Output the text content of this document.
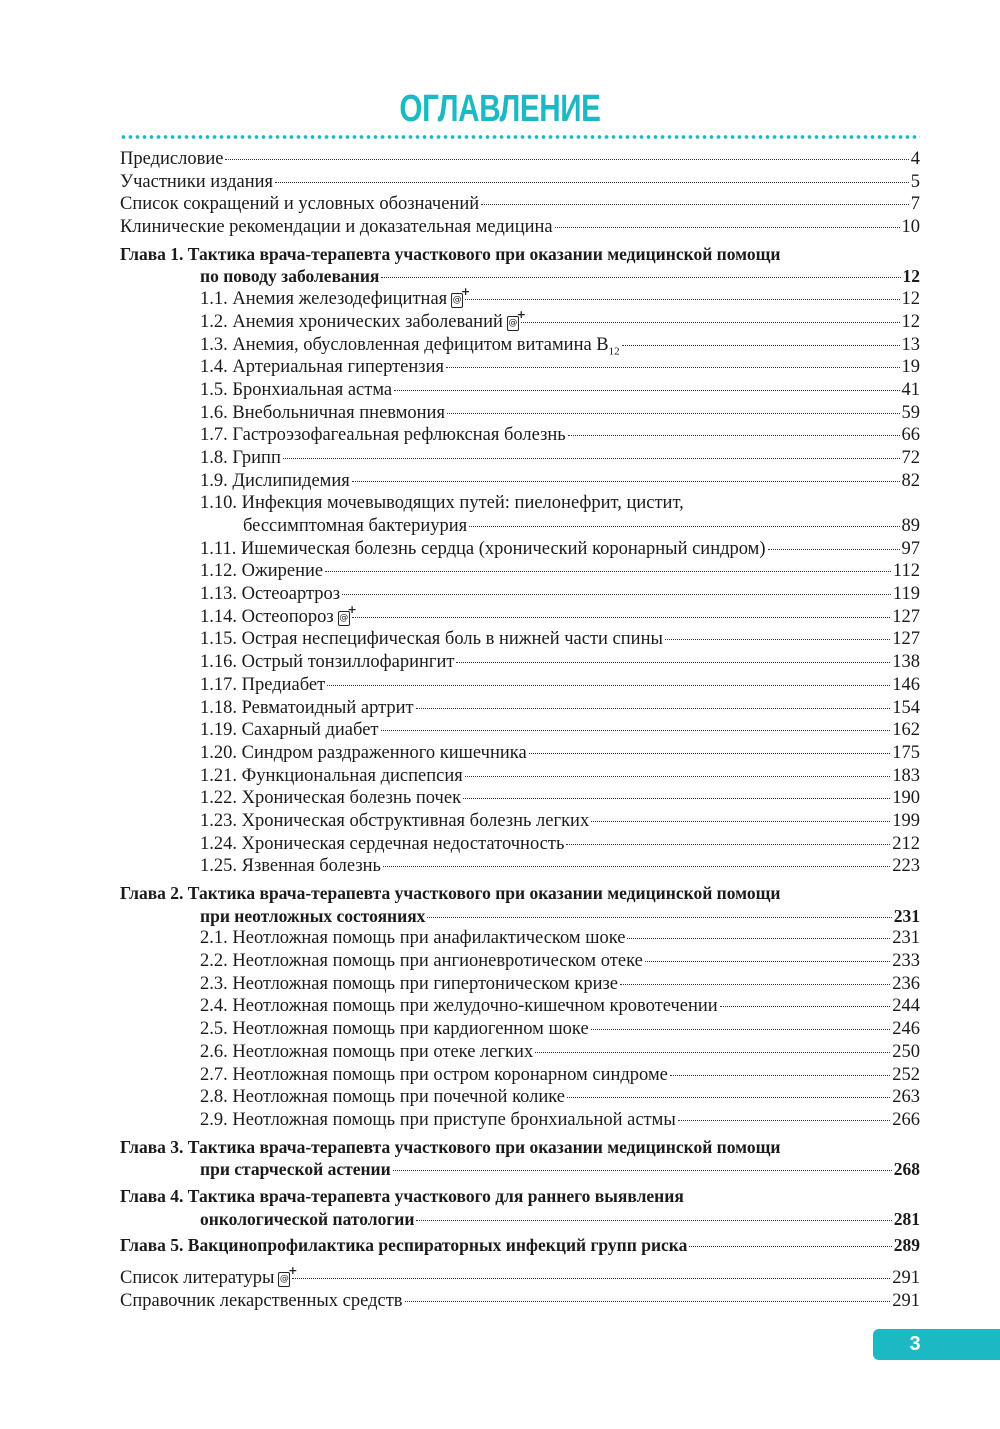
ОГЛАВЛЕНИЕ
Предисловие	4
Участники издания	5
Список сокращений и условных обозначений	7
Клинические рекомендации и доказательная медицина	10
Глава 1. Тактика врача-терапевта участкового при оказании медицинской помощи
по поводу заболевания	12
1.1. Анемия железодефицитная @ +	12
1.2. Анемия хронических заболеваний @ +	12
1.3. Анемия, обусловленная дефицитом витамина $B_{12}$	13
1.4. Артериальная гипертензия	19
1.5. Бронхиальная астма	41
1.6. Внебольничная пневмония	59
1.7. Гастроэзофагеальная рефлюксная болезнь	66
1.8. Грипп	72
1.9. Дислипидемия	82
1.10. Инфекция мочевыводящих путей: пиелонефрит, цистит,
бессимптомная бактериурия	89
1.11. Ишемическая болезнь сердца (хронический коронарный синдром)	97
1.12. Ожирение	112
1.13. Остеоартроз	119
1.14. Остеопороз @ +	127
1.15. Острая неспецифическая боль в нижней части спины	127
1.16. Острый тонзиллофарингит	138
1.17. Предиабет	146
1.18. Ревматоидный артрит	154
1.19. Сахарный диабет	162
1.20. Синдром раздраженного кишечника	175
1.21. Функциональная диспепсия	183
1.22. Хроническая болезнь почек	190
1.23. Хроническая обструктивная болезнь легких	199
1.24. Хроническая сердечная недостаточность	212
1.25. Язвенная болезнь	223
Глава 2. Тактика врача-терапевта участкового при оказании медицинской помощи
при неотложных состояниях	231
2.1. Неотложная помощь при анафилактическом шоке	231
2.2. Неотложная помощь при ангионевротическом отеке	233
2.3. Неотложная помощь при гипертоническом кризе	236
2.4. Неотложная помощь при желудочно-кишечном кровотечении	244
2.5. Неотложная помощь при кардиогенном шоке	246
2.6. Неотложная помощь при отеке легких	250
2.7. Неотложная помощь при остром коронарном синдроме	252
2.8. Неотложная помощь при почечной колике	263
2.9. Неотложная помощь при приступе бронхиальной астмы	266
Глава 3. Тактика врача-терапевта участкового при оказании медицинской помощи
при старческой астении	268
Глава 4. Тактика врача-терапевта участкового для раннего выявления
онкологической патологии	281
Глава 5. Вакцинопрофилактика респираторных инфекций групп риска	289
Список литературы @ +	291
Справочник лекарственных средств	291
3
